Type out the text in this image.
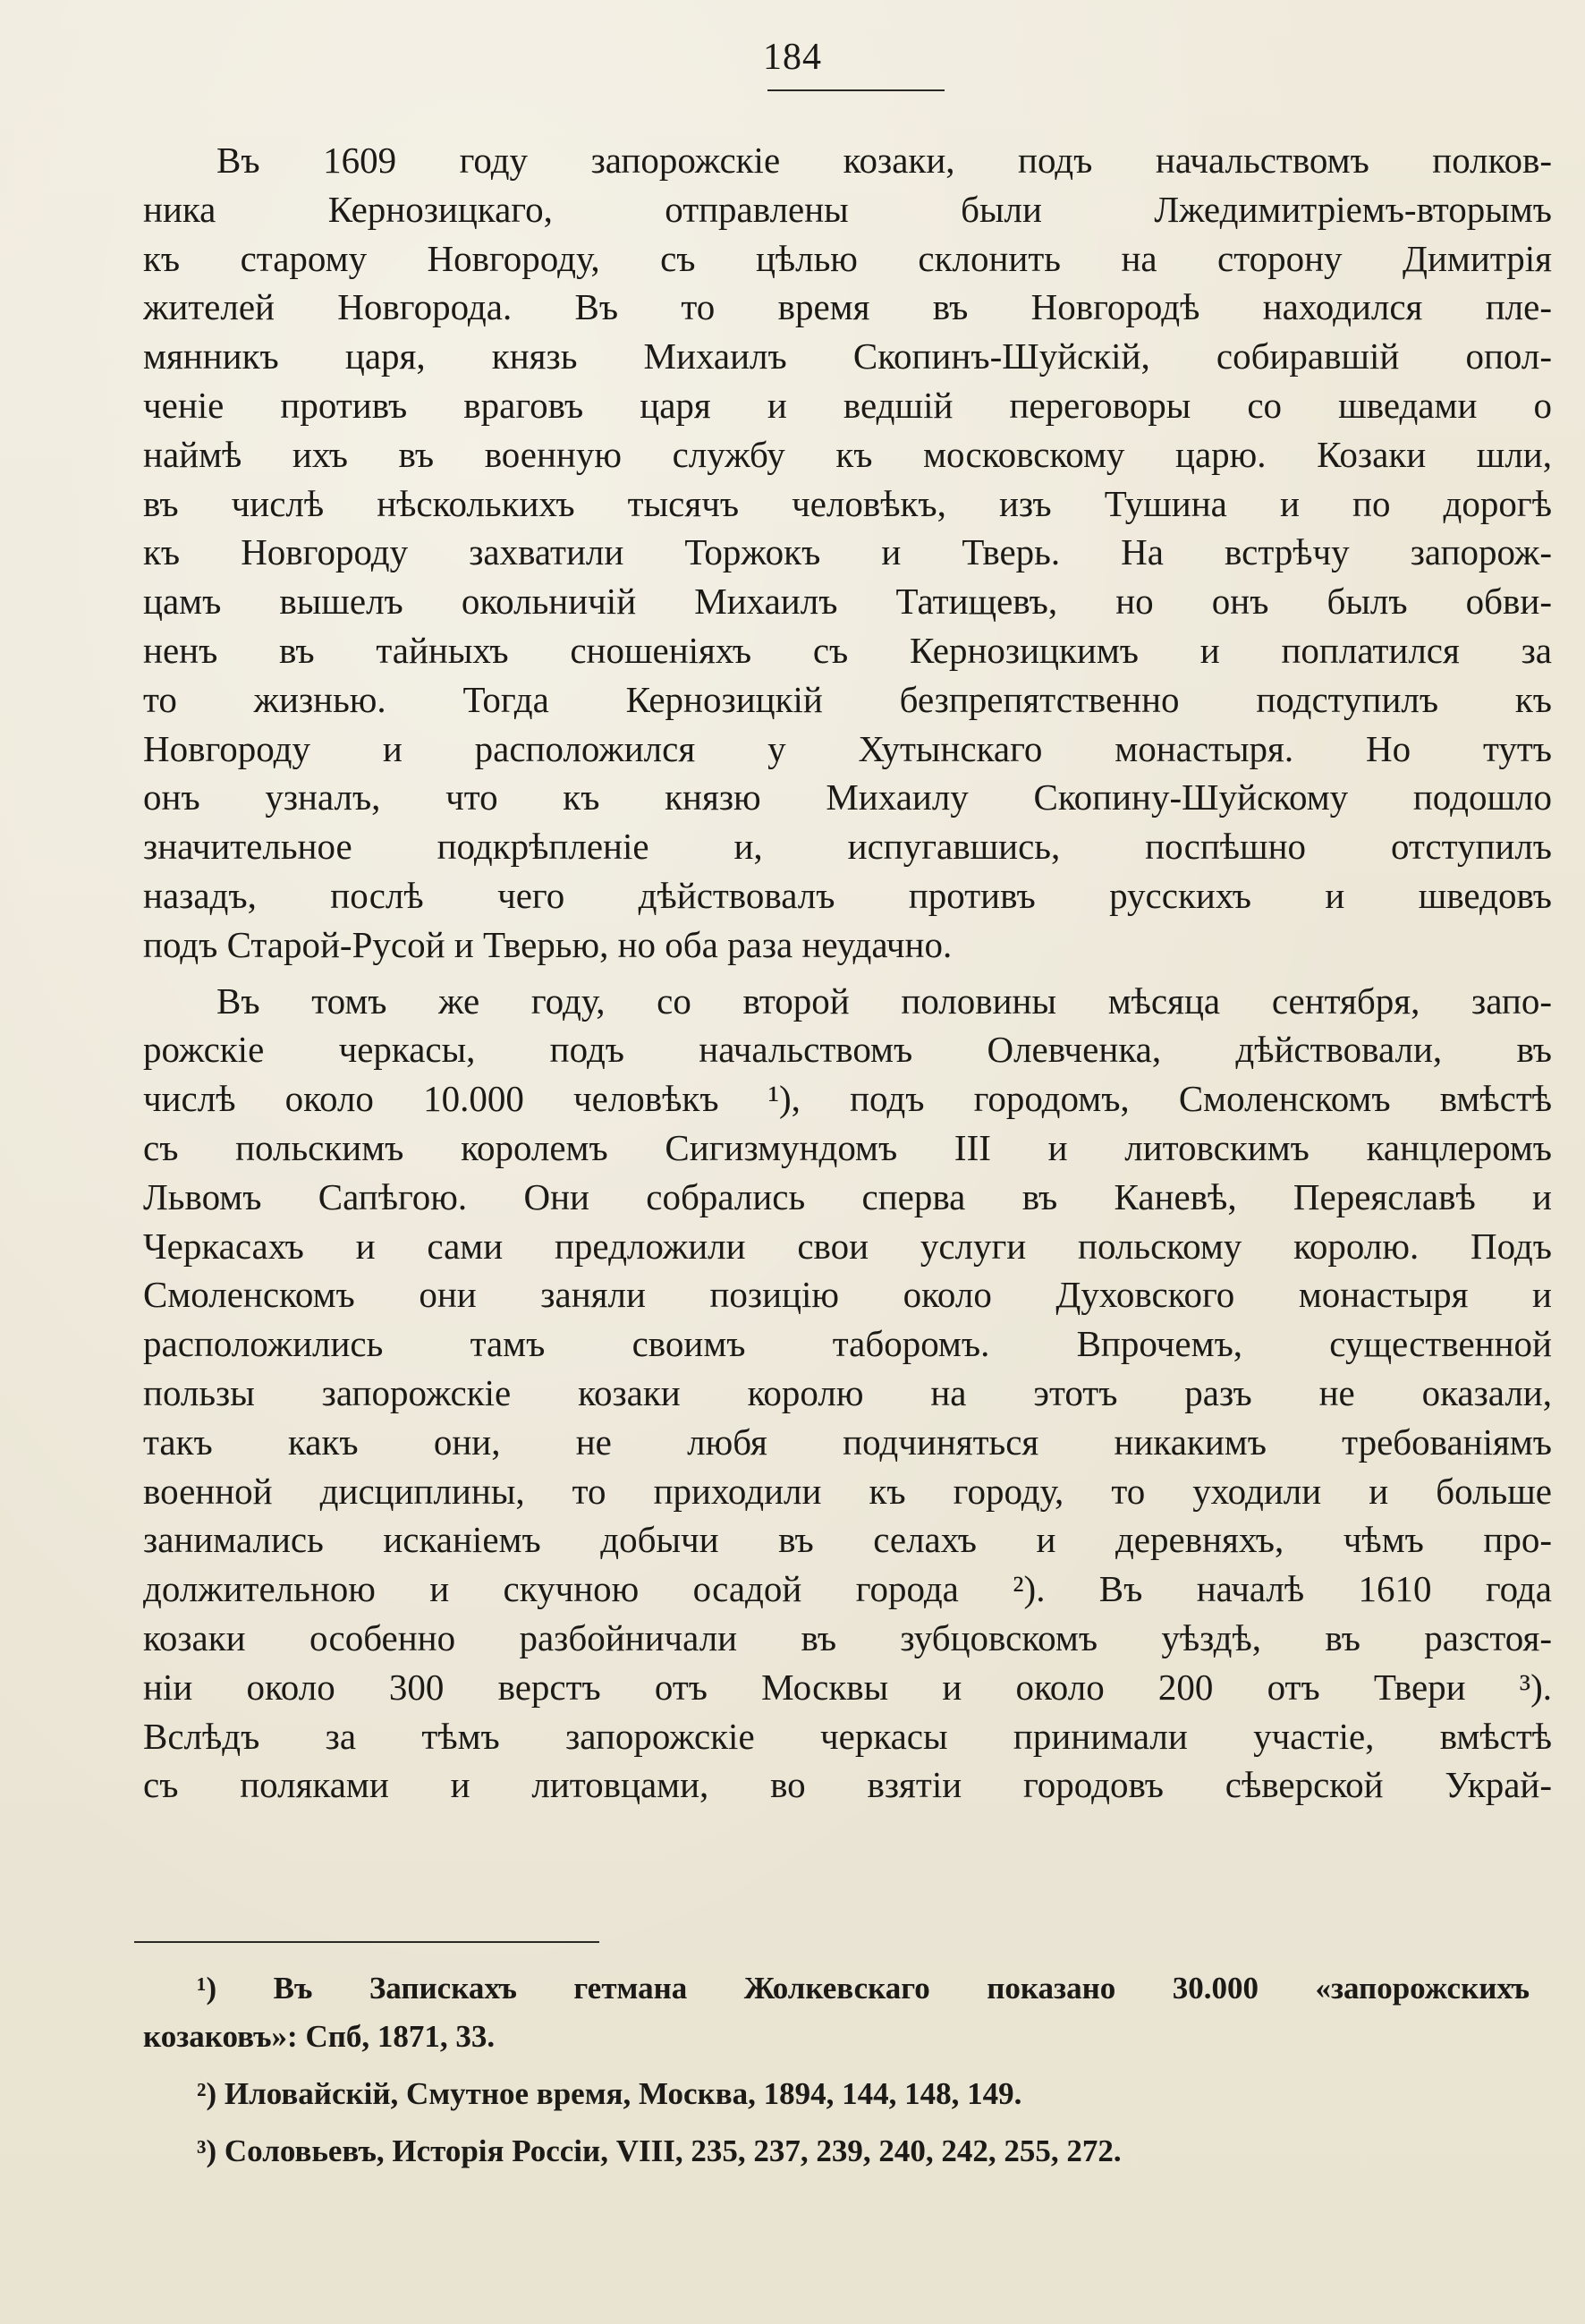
184
Въ 1609 году запорожскіе козаки, подъ начальствомъ полков-
ника Кернозицкаго, отправлены были Лжедимитріемъ-вторымъ
къ старому Новгороду, съ цѣлью склонить на сторону Димитрія
жителей Новгорода. Въ то время въ Новгородѣ находился пле-
мянникъ царя, князь Михаилъ Скопинъ-Шуйскій, собиравшій опол-
ченіе противъ враговъ царя и ведшій переговоры со шведами о
наймѣ ихъ въ военную службу къ московскому царю. Козаки шли,
въ числѣ нѣсколькихъ тысячъ человѣкъ, изъ Тушина и по дорогѣ
къ Новгороду захватили Торжокъ и Тверь. На встрѣчу запорож-
цамъ вышелъ окольничій Михаилъ Татищевъ, но онъ былъ обви-
ненъ въ тайныхъ сношеніяхъ съ Кернозицкимъ и поплатился за
то жизнью. Тогда Кернозицкій безпрепятственно подступилъ къ
Новгороду и расположился у Хутынскаго монастыря. Но тутъ
онъ узналъ, что къ князю Михаилу Скопину-Шуйскому подошло
значительное подкрѣпленіе и, испугавшись, поспѣшно отступилъ
назадъ, послѣ чего дѣйствовалъ противъ русскихъ и шведовъ
подъ Старой-Русой и Тверью, но оба раза неудачно.
Въ томъ же году, со второй половины мѣсяца сентября, запо-
рожскіе черкасы, подъ начальствомъ Олевченка, дѣйствовали, въ
числѣ около 10.000 человѣкъ ¹), подъ городомъ, Смоленскомъ вмѣстѣ
съ польскимъ королемъ Сигизмундомъ III и литовскимъ канцлеромъ
Львомъ Сапѣгою. Они собрались сперва въ Каневѣ, Переяславѣ и
Черкасахъ и сами предложили свои услуги польскому королю. Подъ
Смоленскомъ они заняли позицію около Духовского монастыря и
расположились тамъ своимъ таборомъ. Впрочемъ, существенной
пользы запорожскіе козаки королю на этотъ разъ не оказали,
такъ какъ они, не любя подчиняться никакимъ требованіямъ
военной дисциплины, то приходили къ городу, то уходили и больше
занимались исканіемъ добычи въ селахъ и деревняхъ, чѣмъ про-
должительною и скучною осадой города ²). Въ началѣ 1610 года
козаки особенно разбойничали въ зубцовскомъ уѣздѣ, въ разстоя-
ніи около 300 верстъ отъ Москвы и около 200 отъ Твери ³).
Вслѣдъ за тѣмъ запорожскіе черкасы принимали участіе, вмѣстѣ
съ поляками и литовцами, во взятіи городовъ сѣверской Украй-
¹) Въ Запискахъ гетмана Жолкевскаго показано 30.000 «запорожскихъ
козаковъ»: Спб, 1871, 33.
²) Иловайскій, Смутное время, Москва, 1894, 144, 148, 149.
³) Соловьевъ, Исторія Россіи, VIII, 235, 237, 239, 240, 242, 255, 272.
